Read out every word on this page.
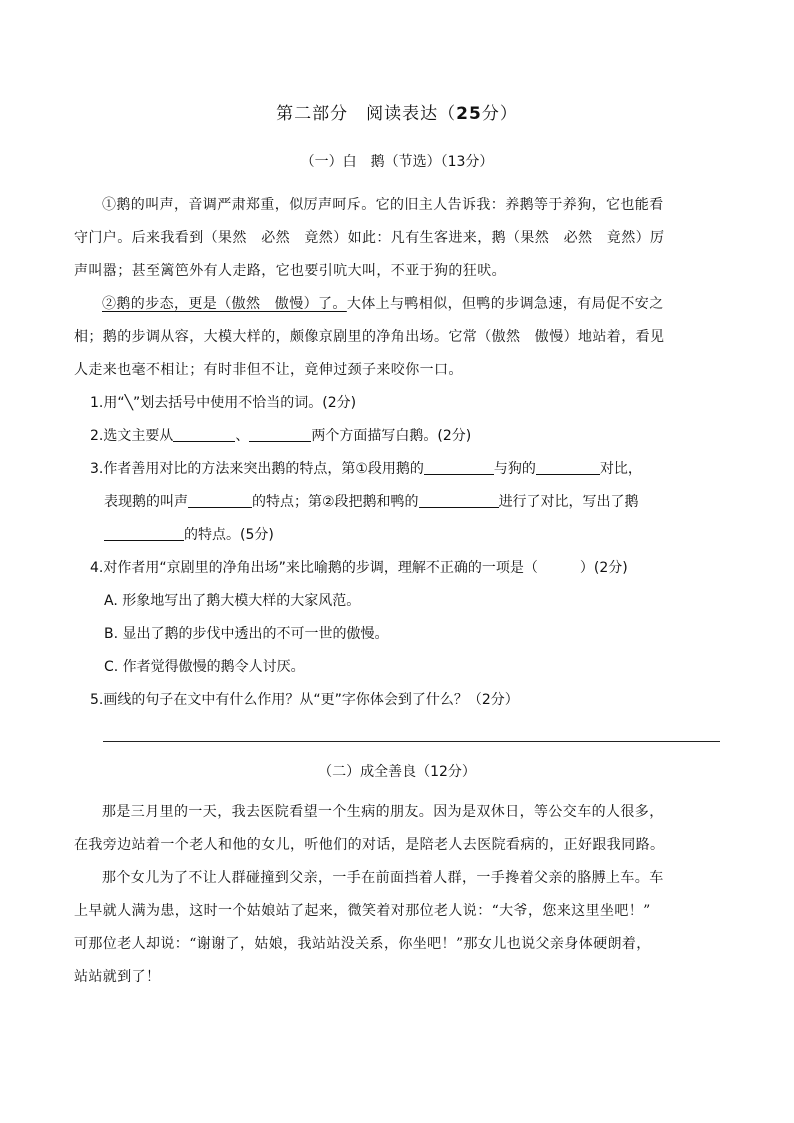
第二部分　阅读表达（25分）
（一）白　鹅（节选）（13分）

①鹅的叫声，音调严肃郑重，似厉声呵斥。它的旧主人告诉我：养鹅等于养狗，它也能看

守门户。后来我看到（果然　必然　竟然）如此：凡有生客进来，鹅（果然　必然　竟然）厉

声叫嚣；甚至篱笆外有人走路，它也要引吭大叫，不亚于狗的狂吠。

②鹅的步态，更是（傲然　傲慢）了。大体上与鸭相似，但鸭的步调急速，有局促不安之

相；鹅的步调从容，大模大样的，颇像京剧里的净角出场。它常（傲然　傲慢）地站着，看见

人走来也毫不相让；有时非但不让，竟伸过颈子来咬你一口。

1.用“╲”划去括号中使用不恰当的词。(2分)
2.选文主要从	、	两个方面描写白鹅。(2分)
3.作者善用对比的方法来突出鹅的特点，第①段用鹅的	与狗的	对比，
表现鹅的叫声	的特点；第②段把鹅和鸭的	进行了对比，写出了鹅
的特点。(5分)
4.对作者用“京剧里的净角出场”来比喻鹅的步调，理解不正确的一项是（　　　）(2分)
A. 形象地写出了鹅大模大样的大家风范。
B. 显出了鹅的步伐中透出的不可一世的傲慢。
C. 作者觉得傲慢的鹅令人讨厌。
5.画线的句子在文中有什么作用？从“更”字你体会到了什么？（2分）
（二）成全善良（12分）

那是三月里的一天，我去医院看望一个生病的朋友。因为是双休日，等公交车的人很多，

在我旁边站着一个老人和他的女儿，听他们的对话，是陪老人去医院看病的，正好跟我同路。

那个女儿为了不让人群碰撞到父亲，一手在前面挡着人群，一手搀着父亲的胳膊上车。车

上早就人满为患，这时一个姑娘站了起来，微笑着对那位老人说：“大爷，您来这里坐吧！”

可那位老人却说：“谢谢了，姑娘，我站站没关系，你坐吧！”那女儿也说父亲身体硬朗着，

站站就到了！
